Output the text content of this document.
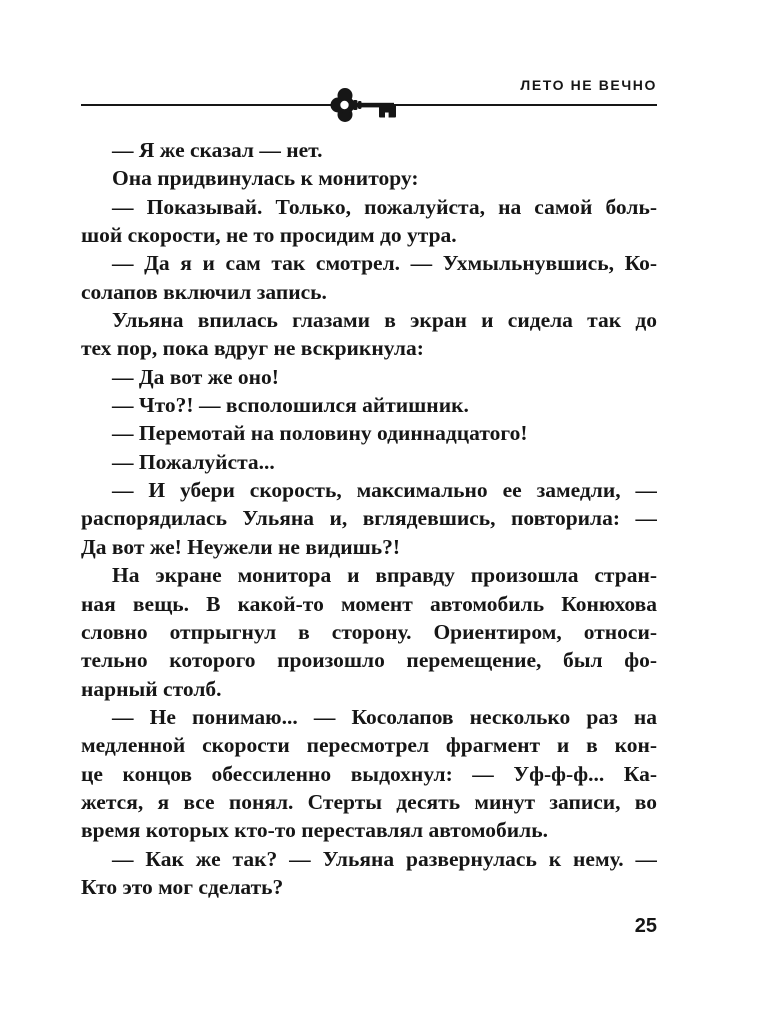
ЛЕТО НЕ ВЕЧНО
— Я же сказал — нет.
Она придвинулась к монитору:
— Показывай. Только, пожалуйста, на самой боль-
шой скорости, не то просидим до утра.
— Да я и сам так смотрел. — Ухмыльнувшись, Ко-
солапов включил запись.
Ульяна впилась глазами в экран и сидела так до
тех пор, пока вдруг не вскрикнула:
— Да вот же оно!
— Что?! — всполошился айтишник.
— Перемотай на половину одиннадцатого!
— Пожалуйста...
— И убери скорость, максимально ее замедли, —
распорядилась Ульяна и, вглядевшись, повторила: —
Да вот же! Неужели не видишь?!
На экране монитора и вправду произошла стран-
ная вещь. В какой-то момент автомобиль Конюхова
словно отпрыгнул в сторону. Ориентиром, относи-
тельно которого произошло перемещение, был фо-
нарный столб.
— Не понимаю... — Косолапов несколько раз на
медленной скорости пересмотрел фрагмент и в кон-
це концов обессиленно выдохнул: — Уф-ф-ф... Ка-
жется, я все понял. Стерты десять минут записи, во
время которых кто-то переставлял автомобиль.
— Как же так? — Ульяна развернулась к нему. —
Кто это мог сделать?
25
